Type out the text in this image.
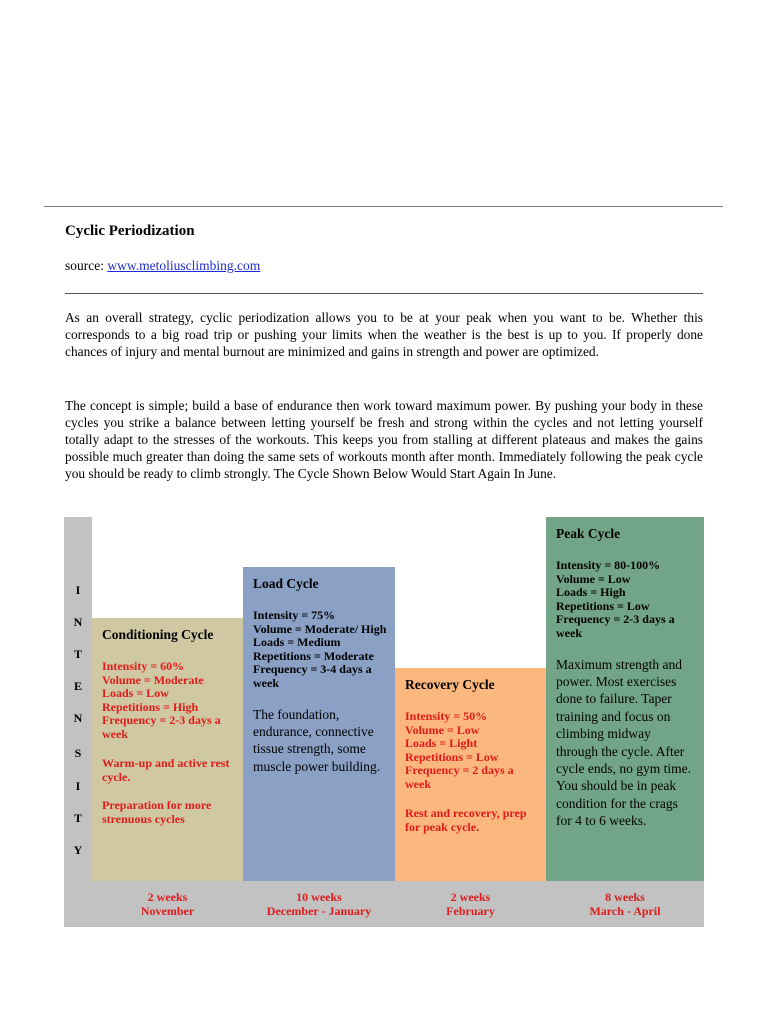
Cyclic Periodization
source: www.metoliusclimbing.com

As an overall strategy, cyclic periodization allows you to be at your peak when you want to be. Whether this corresponds to a big road trip or pushing your limits when the weather is the best is up to you. If properly done chances of injury and mental burnout are minimized and gains in strength and power are optimized.

The concept is simple; build a base of endurance then work toward maximum power. By pushing your body in these cycles you strike a balance between letting yourself be fresh and strong within the cycles and not letting yourself totally adapt to the stresses of the workouts. This keeps you from stalling at different plateaus and makes the gains possible much greater than doing the same sets of workouts month after month. Immediately following the peak cycle you should be ready to climb strongly. The Cycle Shown Below Would Start Again In June.

I
N
T
E
N
S
I
T
Y
Conditioning Cycle
Intensity = 60%
Volume = Moderate
Loads = Low
Repetitions = High
Frequency = 2-3 days a week
Warm-up and active rest cycle.
Preparation for more strenuous cycles
Load Cycle
Intensity = 75%
Volume = Moderate/ High
Loads = Medium
Repetitions = Moderate
Frequency = 3-4 days a week
The foundation, endurance, connective tissue strength, some muscle power building.
Recovery Cycle
Intensity = 50%
Volume = Low
Loads = Light
Repetitions = Low
Frequency = 2 days a week
Rest and recovery, prep for peak cycle.
Peak Cycle
Intensity = 80-100%
Volume = Low
Loads = High
Repetitions = Low
Frequency = 2-3 days a week
Maximum strength and power. Most exercises done to failure. Taper training and focus on climbing midway through the cycle. After cycle ends, no gym time. You should be in peak condition for the crags for 4 to 6 weeks.
2 weeks
November
10 weeks
December - January
2 weeks
February
8 weeks
March - April
